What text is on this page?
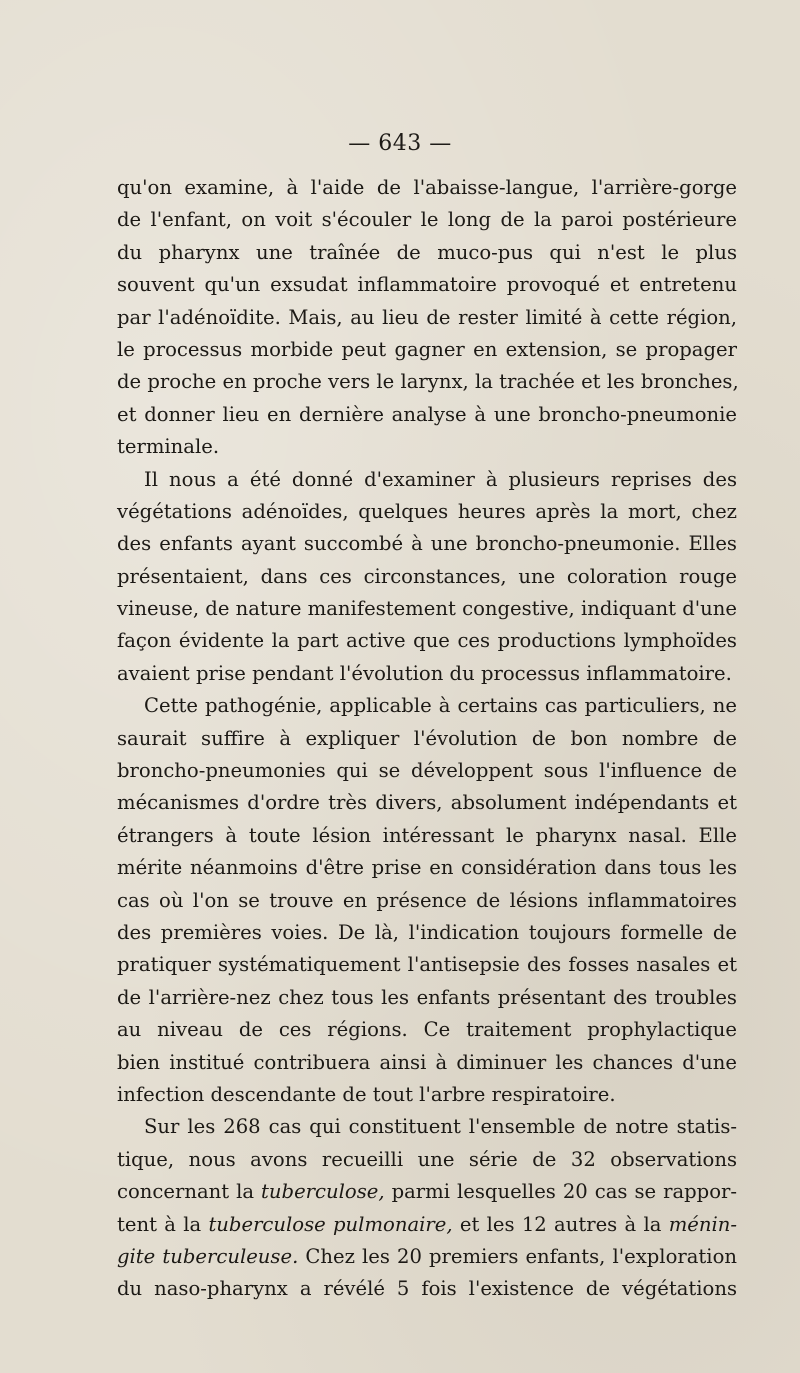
— 643 —
qu'on examine, à l'aide de l'abaisse-langue, l'arrière-gorge
de l'enfant, on voit s'écouler le long de la paroi postérieure
du pharynx une traînée de muco-pus qui n'est le plus
souvent qu'un exsudat inflammatoire provoqué et entretenu
par l'adénoïdite. Mais, au lieu de rester limité à cette région,
le processus morbide peut gagner en extension, se propager
de proche en proche vers le larynx, la trachée et les bronches,
et donner lieu en dernière analyse à une broncho-pneumonie
terminale.
Il nous a été donné d'examiner à plusieurs reprises des
végétations adénoïdes, quelques heures après la mort, chez
des enfants ayant succombé à une broncho-pneumonie. Elles
présentaient, dans ces circonstances, une coloration rouge
vineuse, de nature manifestement congestive, indiquant d'une
façon évidente la part active que ces productions lymphoïdes
avaient prise pendant l'évolution du processus inflammatoire.
Cette pathogénie, applicable à certains cas particuliers, ne
saurait suffire à expliquer l'évolution de bon nombre de
broncho-pneumonies qui se développent sous l'influence de
mécanismes d'ordre très divers, absolument indépendants et
étrangers à toute lésion intéressant le pharynx nasal. Elle
mérite néanmoins d'être prise en considération dans tous les
cas où l'on se trouve en présence de lésions inflammatoires
des premières voies. De là, l'indication toujours formelle de
pratiquer systématiquement l'antisepsie des fosses nasales et
de l'arrière-nez chez tous les enfants présentant des troubles
au niveau de ces régions. Ce traitement prophylactique
bien institué contribuera ainsi à diminuer les chances d'une
infection descendante de tout l'arbre respiratoire.
Sur les 268 cas qui constituent l'ensemble de notre statis-
tique, nous avons recueilli une série de 32 observations
concernant la tuberculose, parmi lesquelles 20 cas se rappor-
tent à la tuberculose pulmonaire, et les 12 autres à la ménin-
gite tuberculeuse. Chez les 20 premiers enfants, l'exploration
du naso-pharynx a révélé 5 fois l'existence de végétations
